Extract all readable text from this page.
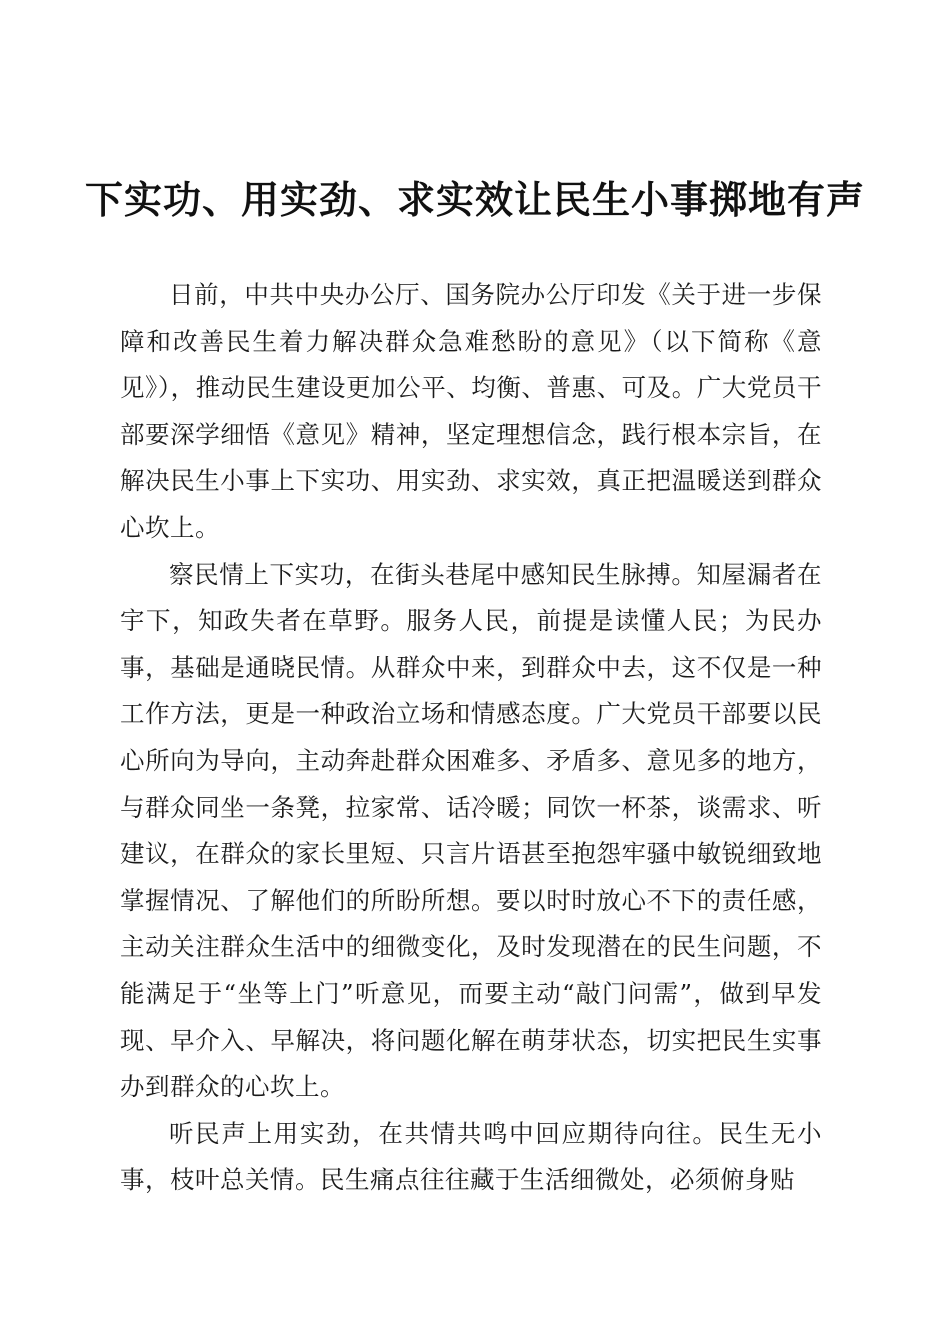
下实功、用实劲、求实效让民生小事掷地有声

日前，中共中央办公厅、国务院办公厅印发《关于进一步保障和改善民生着力解决群众急难愁盼的意见》（以下简称《意见》），推动民生建设更加公平、均衡、普惠、可及。广大党员干部要深学细悟《意见》精神，坚定理想信念，践行根本宗旨，在解决民生小事上下实功、用实劲、求实效，真正把温暖送到群众心坎上。

察民情上下实功，在街头巷尾中感知民生脉搏。知屋漏者在宇下，知政失者在草野。服务人民，前提是读懂人民；为民办事，基础是通晓民情。从群众中来，到群众中去，这不仅是一种工作方法，更是一种政治立场和情感态度。广大党员干部要以民心所向为导向，主动奔赴群众困难多、矛盾多、意见多的地方，与群众同坐一条凳，拉家常、话冷暖；同饮一杯茶，谈需求、听建议，在群众的家长里短、只言片语甚至抱怨牢骚中敏锐细致地掌握情况、了解他们的所盼所想。要以时时放心不下的责任感，主动关注群众生活中的细微变化，及时发现潜在的民生问题，不能满足于“坐等上门”听意见，而要主动“敲门问需”，做到早发现、早介入、早解决，将问题化解在萌芽状态，切实把民生实事办到群众的心坎上。

听民声上用实劲，在共情共鸣中回应期待向往。民生无小事，枝叶总关情。民生痛点往往藏于生活细微处，必须俯身贴
